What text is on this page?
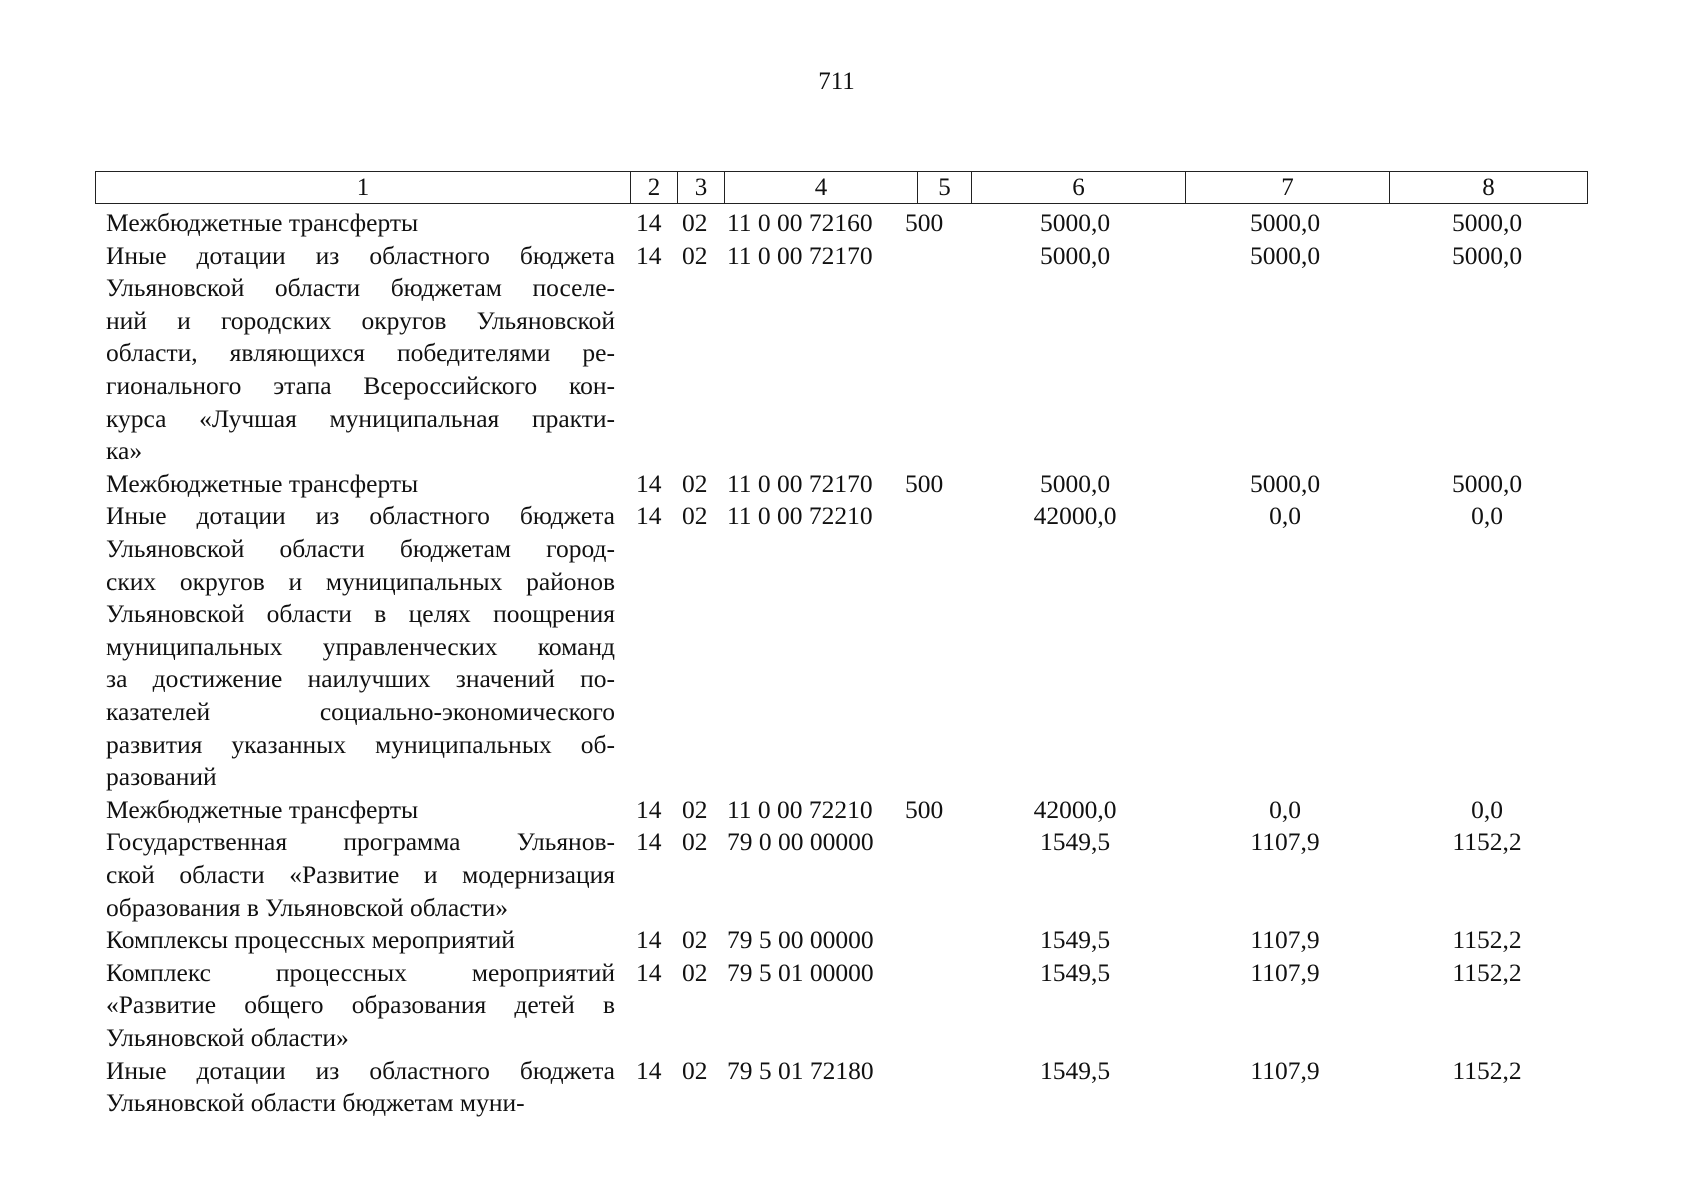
711
1	2	3	4	5	6	7	8
Межбюджетные трансферты	14 02 11 0 00 72160	500	5000,0	5000,0	5000,0
Иные дотации из областного бюджета
Ульяновской области бюджетам поселе-
ний и городских округов Ульяновской
области, являющихся победителями ре-
гионального этапа Всероссийского кон-
курса «Лучшая муниципальная практи-
ка»
14 02 11 0 00 72170	5000,0	5000,0	5000,0
Межбюджетные трансферты	14 02 11 0 00 72170	500	5000,0	5000,0	5000,0
Иные дотации из областного бюджета
Ульяновской области бюджетам город-
ских округов и муниципальных районов
Ульяновской области в целях поощрения
муниципальных управленческих команд
за достижение наилучших значений по-
казателей социально-экономического
развития указанных муниципальных об-
разований
14 02 11 0 00 72210	42000,0	0,0	0,0
Межбюджетные трансферты	14 02 11 0 00 72210	500	42000,0	0,0	0,0
Государственная программа Ульянов-
ской области «Развитие и модернизация
образования в Ульяновской области»
14 02 79 0 00 00000	1549,5	1107,9	1152,2
Комплексы процессных мероприятий	14 02 79 5 00 00000	1549,5	1107,9	1152,2
Комплекс процессных мероприятий
«Развитие общего образования детей в
Ульяновской области»
14 02 79 5 01 00000	1549,5	1107,9	1152,2
Иные дотации из областного бюджета
Ульяновской области бюджетам муни-
14 02 79 5 01 72180	1549,5	1107,9	1152,2
